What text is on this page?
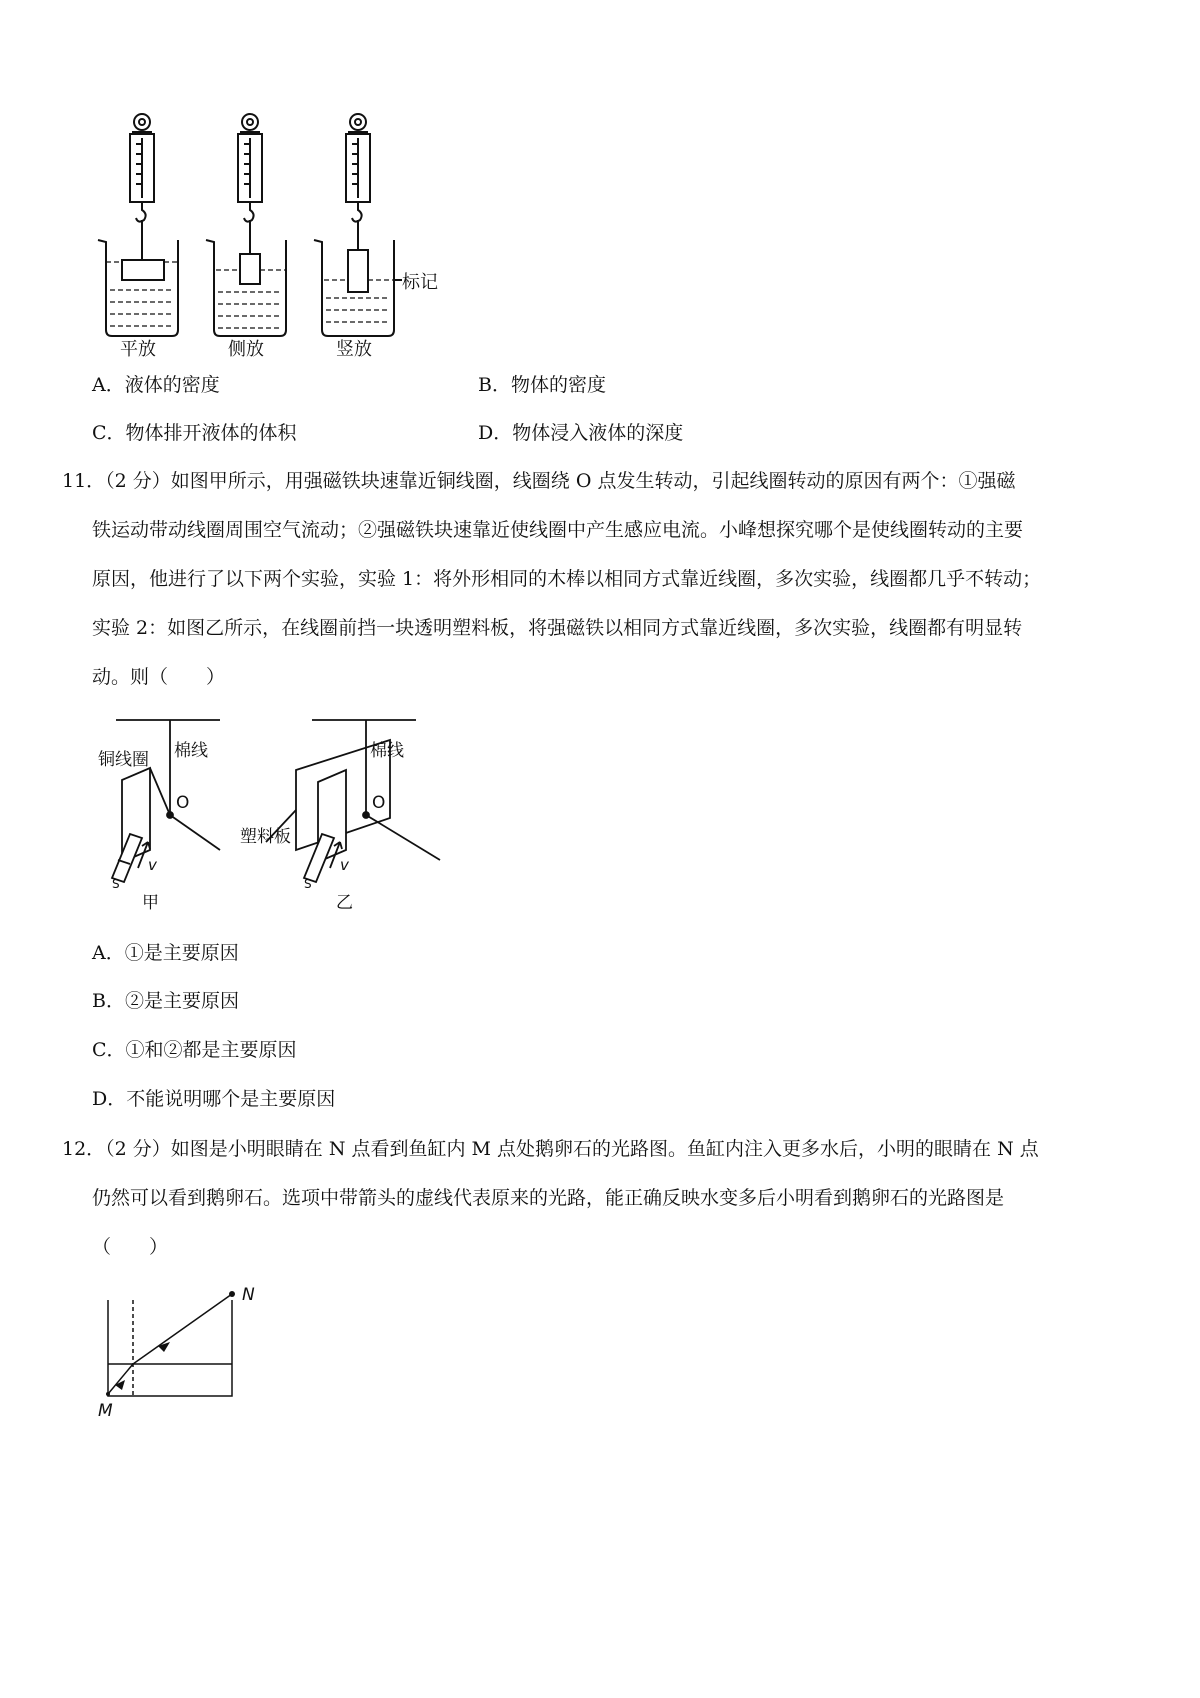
标记
平放	侧放	竖放
A．液体的密度	B．物体的密度
C．物体排开液体的体积	D．物体浸入液体的深度
11．（2 分）如图甲所示，用强磁铁块速靠近铜线圈，线圈绕 O 点发生转动，引起线圈转动的原因有两个：①强磁
铁运动带动线圈周围空气流动；②强磁铁块速靠近使线圈中产生感应电流。小峰想探究哪个是使线圈转动的主要
原因，他进行了以下两个实验，实验 1：将外形相同的木棒以相同方式靠近线圈，多次实验，线圈都几乎不转动；
实验 2：如图乙所示，在线圈前挡一块透明塑料板，将强磁铁以相同方式靠近线圈，多次实验，线圈都有明显转
动。则（　　）
铜线圈 棉线
O
v
S
甲
棉线
O
塑料板
v
S
乙
A．①是主要原因
B．②是主要原因
C．①和②都是主要原因
D．不能说明哪个是主要原因
12．（2 分）如图是小明眼睛在 N 点看到鱼缸内 M 点处鹅卵石的光路图。鱼缸内注入更多水后，小明的眼睛在 N 点
仍然可以看到鹅卵石。选项中带箭头的虚线代表原来的光路，能正确反映水变多后小明看到鹅卵石的光路图是
（　　）
N
M
